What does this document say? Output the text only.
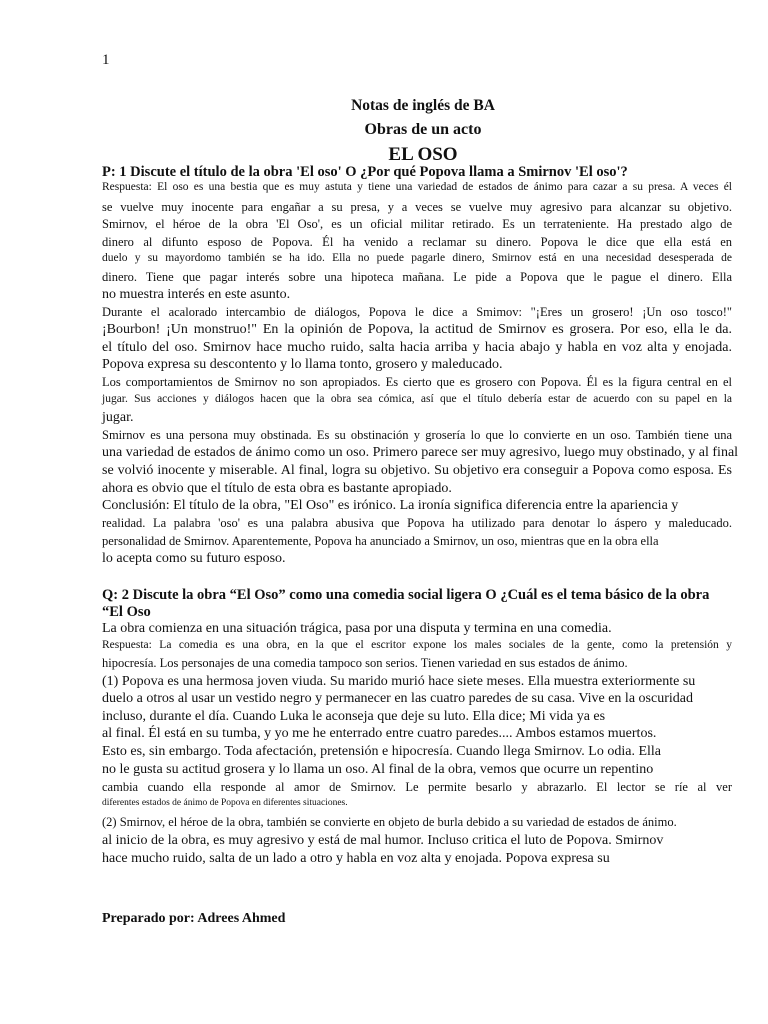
1
Notas de inglés de BA
Obras de un acto
EL OSO
P: 1 Discute el título de la obra 'El oso' O ¿Por qué Popova llama a Smirnov 'El oso'?
Respuesta: El oso es una bestia que es muy astuta y tiene una variedad de estados de ánimo para cazar a su presa. A veces él
se vuelve muy inocente para engañar a su presa, y a veces se vuelve muy agresivo para alcanzar su objetivo.
Smirnov, el héroe de la obra 'El Oso', es un oficial militar retirado. Es un terrateniente. Ha prestado algo de
dinero al difunto esposo de Popova. Él ha venido a reclamar su dinero. Popova le dice que ella está en
duelo y su mayordomo también se ha ido. Ella no puede pagarle dinero, Smirnov está en una necesidad desesperada de
dinero. Tiene que pagar interés sobre una hipoteca mañana. Le pide a Popova que le pague el dinero. Ella
no muestra interés en este asunto.
Durante el acalorado intercambio de diálogos, Popova le dice a Smimov: "¡Eres un grosero! ¡Un oso tosco!"
¡Bourbon! ¡Un monstruo!" En la opinión de Popova, la actitud de Smirnov es grosera. Por eso, ella le da.
el título del oso. Smirnov hace mucho ruido, salta hacia arriba y hacia abajo y habla en voz alta y enojada.
Popova expresa su descontento y lo llama tonto, grosero y maleducado.
Los comportamientos de Smirnov no son apropiados. Es cierto que es grosero con Popova. Él es la figura central en el
jugar. Sus acciones y diálogos hacen que la obra sea cómica, así que el título debería estar de acuerdo con su papel en la
jugar.
Smirnov es una persona muy obstinada. Es su obstinación y grosería lo que lo convierte en un oso. También tiene una
una variedad de estados de ánimo como un oso. Primero parece ser muy agresivo, luego muy obstinado, y al final
se volvió inocente y miserable. Al final, logra su objetivo. Su objetivo era conseguir a Popova como esposa. Es
ahora es obvio que el título de esta obra es bastante apropiado.
Conclusión: El título de la obra, "El Oso" es irónico. La ironía significa diferencia entre la apariencia y
realidad. La palabra 'oso' es una palabra abusiva que Popova ha utilizado para denotar lo áspero y maleducado.
personalidad de Smirnov. Aparentemente, Popova ha anunciado a Smirnov, un oso, mientras que en la obra ella
lo acepta como su futuro esposo.
Q: 2 Discute la obra “El Oso” como una comedia social ligera O ¿Cuál es el tema básico de la obra “El Oso
La obra comienza en una situación trágica, pasa por una disputa y termina en una comedia.
Respuesta: La comedia es una obra, en la que el escritor expone los males sociales de la gente, como la pretensión y
hipocresía. Los personajes de una comedia tampoco son serios. Tienen variedad en sus estados de ánimo.
(1) Popova es una hermosa joven viuda. Su marido murió hace siete meses. Ella muestra exteriormente su
duelo a otros al usar un vestido negro y permanecer en las cuatro paredes de su casa. Vive en la oscuridad
incluso, durante el día. Cuando Luka le aconseja que deje su luto. Ella dice; Mi vida ya es
al final. Él está en su tumba, y yo me he enterrado entre cuatro paredes.... Ambos estamos muertos.
Esto es, sin embargo. Toda afectación, pretensión e hipocresía. Cuando llega Smirnov. Lo odia. Ella
no le gusta su actitud grosera y lo llama un oso. Al final de la obra, vemos que ocurre un repentino
cambia cuando ella responde al amor de Smirnov. Le permite besarlo y abrazarlo. El lector se ríe al ver
diferentes estados de ánimo de Popova en diferentes situaciones.
(2) Smirnov, el héroe de la obra, también se convierte en objeto de burla debido a su variedad de estados de ánimo.
al inicio de la obra, es muy agresivo y está de mal humor. Incluso critica el luto de Popova. Smirnov
hace mucho ruido, salta de un lado a otro y habla en voz alta y enojada. Popova expresa su
Preparado por: Adrees Ahmed
